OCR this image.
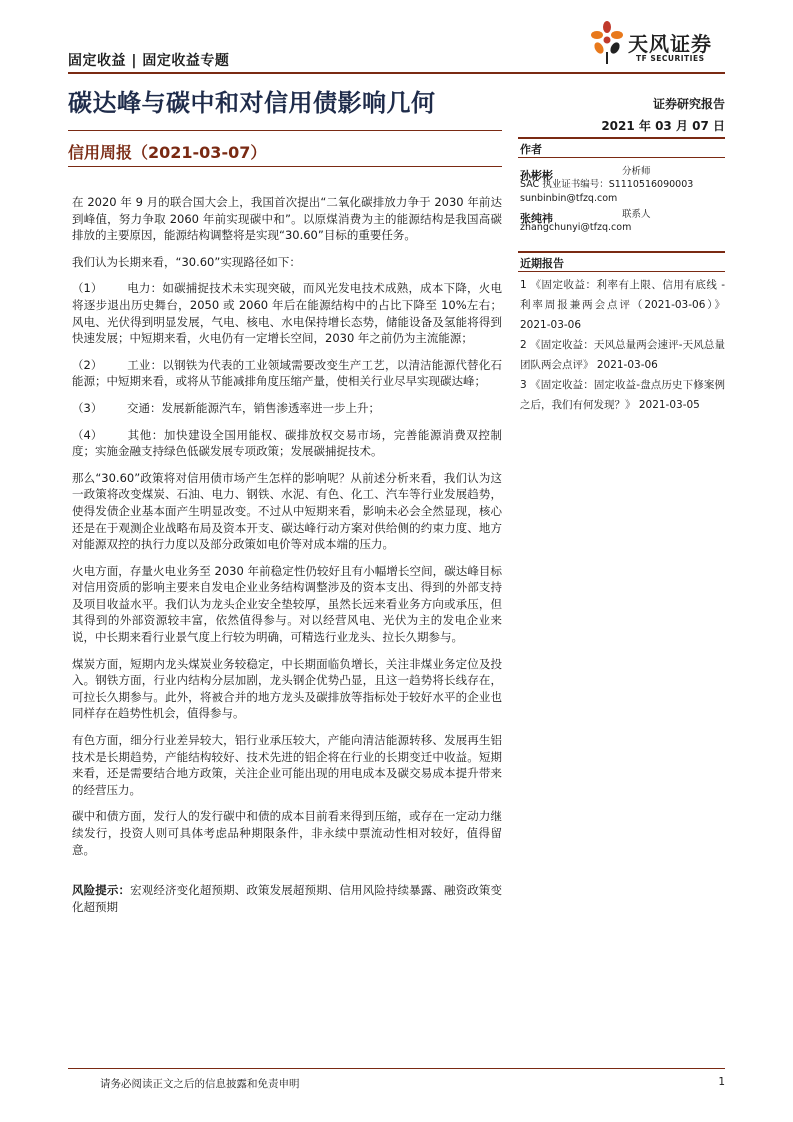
固定收益 | 固定收益专题
天风证券
TF SECURITIES
碳达峰与碳中和对信用债影响几何	证券研究报告
2021 年 03 月 07 日
信用周报（2021-03-07）	作者
孙彬彬	分析师
SAC 执业证书编号：S1110516090003
sunbinbin@tfzq.com
张纯祎	联系人
zhangchunyi@tfzq.com
近期报告
1 《固定收益：利率有上限、信用有底线 - 利率周报兼两会点评（2021-03-06）》 2021-03-06
2 《固定收益：天风总量两会速评-天风总量团队两会点评》 2021-03-06
3 《固定收益：固定收益-盘点历史下修案例之后，我们有何发现？》 2021-03-05

在 2020 年 9 月的联合国大会上，我国首次提出“二氧化碳排放力争于 2030 年前达到峰值，努力争取 2060 年前实现碳中和”。以原煤消费为主的能源结构是我国高碳排放的主要原因，能源结构调整将是实现“30.60”目标的重要任务。

我们认为长期来看，“30.60”实现路径如下：

（1） 电力：如碳捕捉技术未实现突破，而风光发电技术成熟，成本下降，火电将逐步退出历史舞台，2050 或 2060 年后在能源结构中的占比下降至 10%左右；风电、光伏得到明显发展，气电、核电、水电保持增长态势，储能设备及氢能将得到快速发展；中短期来看，火电仍有一定增长空间，2030 年之前仍为主流能源；

（2） 工业：以钢铁为代表的工业领域需要改变生产工艺，以清洁能源代替化石能源；中短期来看，或将从节能减排角度压缩产量，使相关行业尽早实现碳达峰；

（3） 交通：发展新能源汽车，销售渗透率进一步上升；

（4） 其他：加快建设全国用能权、碳排放权交易市场，完善能源消费双控制度；实施金融支持绿色低碳发展专项政策；发展碳捕捉技术。

那么“30.60”政策将对信用债市场产生怎样的影响呢？从前述分析来看，我们认为这一政策将改变煤炭、石油、电力、钢铁、水泥、有色、化工、汽车等行业发展趋势，使得发债企业基本面产生明显改变。不过从中短期来看，影响未必会全然显现，核心还是在于观测企业战略布局及资本开支、碳达峰行动方案对供给侧的约束力度、地方对能源双控的执行力度以及部分政策如电价等对成本端的压力。

火电方面，存量火电业务至 2030 年前稳定性仍较好且有小幅增长空间，碳达峰目标对信用资质的影响主要来自发电企业业务结构调整涉及的资本支出、得到的外部支持及项目收益水平。我们认为龙头企业安全垫较厚，虽然长远来看业务方向或承压，但其得到的外部资源较丰富，依然值得参与。对以经营风电、光伏为主的发电企业来说，中长期来看行业景气度上行较为明确，可精选行业龙头、拉长久期参与。

煤炭方面，短期内龙头煤炭业务较稳定，中长期面临负增长，关注非煤业务定位及投入。钢铁方面，行业内结构分层加剧，龙头钢企优势凸显，且这一趋势将长线存在，可拉长久期参与。此外，将被合并的地方龙头及碳排放等指标处于较好水平的企业也同样存在趋势性机会，值得参与。

有色方面，细分行业差异较大，铝行业承压较大，产能向清洁能源转移、发展再生铝技术是长期趋势，产能结构较好、技术先进的铝企将在行业的长期变迁中收益。短期来看，还是需要结合地方政策，关注企业可能出现的用电成本及碳交易成本提升带来的经营压力。

碳中和债方面，发行人的发行碳中和债的成本目前看来得到压缩，或存在一定动力继续发行，投资人则可具体考虑品种期限条件，非永续中票流动性相对较好，值得留意。

风险提示：宏观经济变化超预期、政策发展超预期、信用风险持续暴露、融资政策变化超预期

请务必阅读正文之后的信息披露和免责申明	1
